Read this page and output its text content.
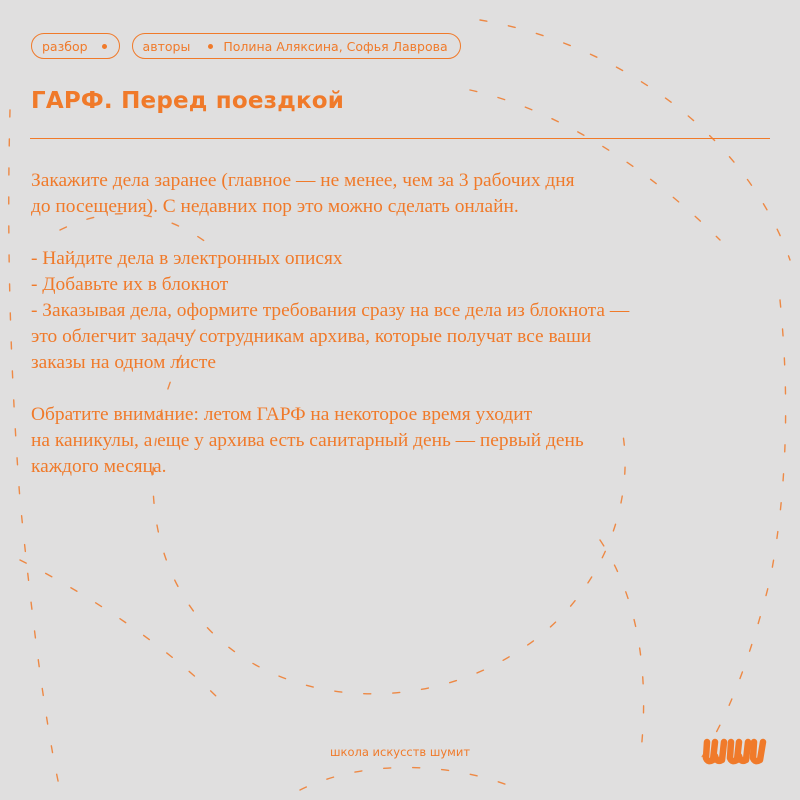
разбор	авторы	Полина Аляксина, Софья Лаврова
ГАРФ. Перед поездкой

Закажите дела заранее (главное — не менее, чем за 3 рабочих дня
до посещения). С недавних пор это можно сделать онлайн.

- Найдите дела в электронных описях
- Добавьте их в блокнот
- Заказывая дела, оформите требования сразу на все дела из блокнота —
это облегчит задачу сотрудникам архива, которые получат все ваши
заказы на одном листе

Обратите внимание: летом ГАРФ на некоторое время уходит
на каникулы, а еще у архива есть санитарный день — первый день
каждого месяца.

школа искусств шумит
